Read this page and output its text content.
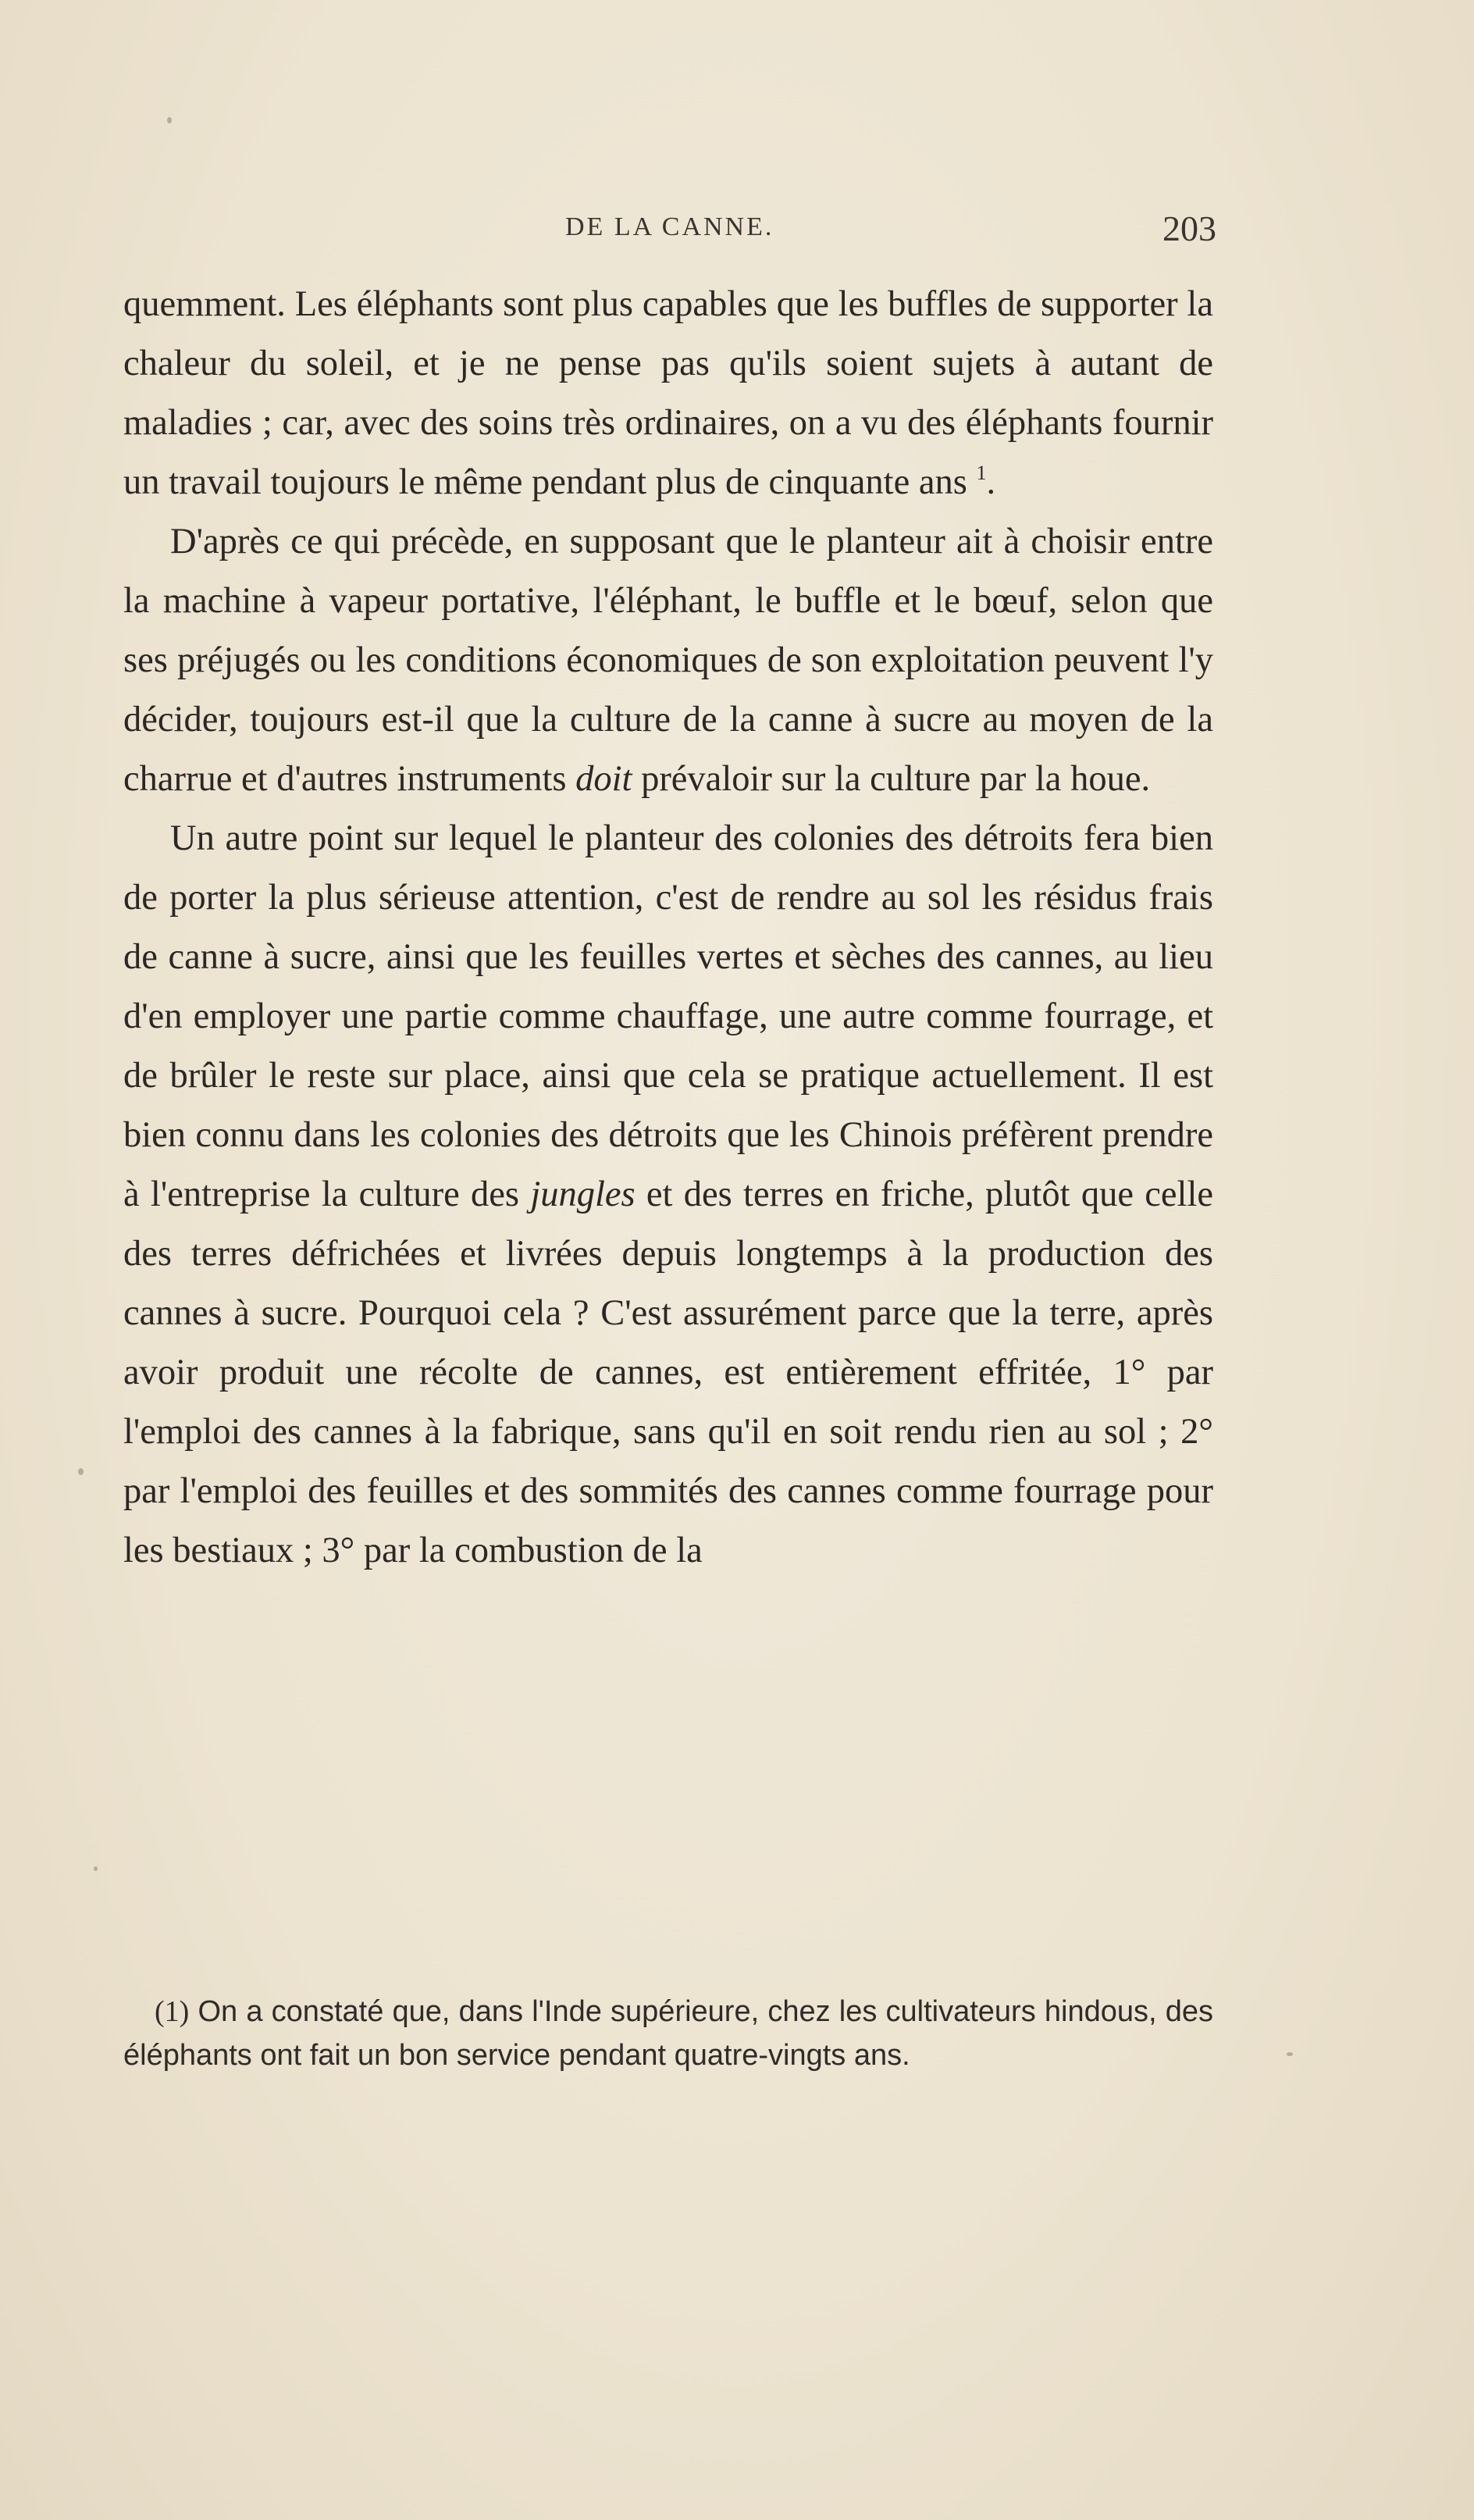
DE LA CANNE.	203

quemment. Les éléphants sont plus capables que les buffles de supporter la chaleur du soleil, et je ne pense pas qu'ils soient sujets à autant de maladies ; car, avec des soins très ordinaires, on a vu des éléphants fournir un travail toujours le même pendant plus de cinquante ans $^1$.

D'après ce qui précède, en supposant que le planteur ait à choisir entre la machine à vapeur portative, l'éléphant, le buffle et le bœuf, selon que ses préjugés ou les conditions économiques de son exploitation peuvent l'y décider, toujours est-il que la culture de la canne à sucre au moyen de la charrue et d'autres instruments doit prévaloir sur la culture par la houe.

Un autre point sur lequel le planteur des colonies des détroits fera bien de porter la plus sérieuse attention, c'est de rendre au sol les résidus frais de canne à sucre, ainsi que les feuilles vertes et sèches des cannes, au lieu d'en employer une partie comme chauffage, une autre comme fourrage, et de brûler le reste sur place, ainsi que cela se pratique actuellement. Il est bien connu dans les colonies des détroits que les Chinois préfèrent prendre à l'entreprise la culture des jungles et des terres en friche, plutôt que celle des terres défrichées et livrées depuis longtemps à la production des cannes à sucre. Pourquoi cela ? C'est assurément parce que la terre, après avoir produit une récolte de cannes, est entièrement effritée, 1° par l'emploi des cannes à la fabrique, sans qu'il en soit rendu rien au sol ; 2° par l'emploi des feuilles et des sommités des cannes comme fourrage pour les bestiaux ; 3° par la combustion de la

(1) On a constaté que, dans l'Inde supérieure, chez les cultivateurs hindous, des éléphants ont fait un bon service pendant quatre-vingts ans.
